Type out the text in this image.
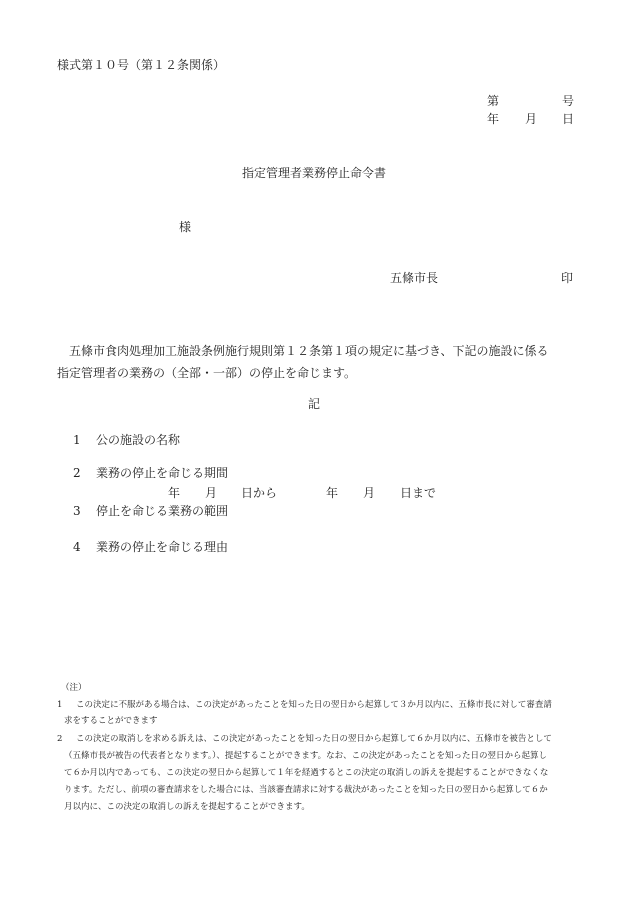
様式第１０号（第１２条関係）
第	号
年 月 日
指定管理者業務停止命令書
様
五條市長	印
五條市食肉処理加工施設条例施行規則第１２条第１項の規定に基づき、下記の施設に係る指定管理者の業務の（全部・一部）の停止を命じます。
記
1 公の施設の名称
2 業務の停止を命じる期間
年 月 日から	年 月 日まで
3 停止を命じる業務の範囲
4 業務の停止を命じる理由
（注）
1 この決定に不服がある場合は、この決定があったことを知った日の翌日から起算して３か月以内に、五條市長に対して審査請
求をすることができます
2 この決定の取消しを求める訴えは、この決定があったことを知った日の翌日から起算して６か月以内に、五條市を被告として
（五條市長が被告の代表者となります。）、提起することができます。なお、この決定があったことを知った日の翌日から起算し
て６か月以内であっても、この決定の翌日から起算して１年を経過するとこの決定の取消しの訴えを提起することができなくな
ります。ただし、前項の審査請求をした場合には、当該審査請求に対する裁決があったことを知った日の翌日から起算して６か
月以内に、この決定の取消しの訴えを提起することができます。
